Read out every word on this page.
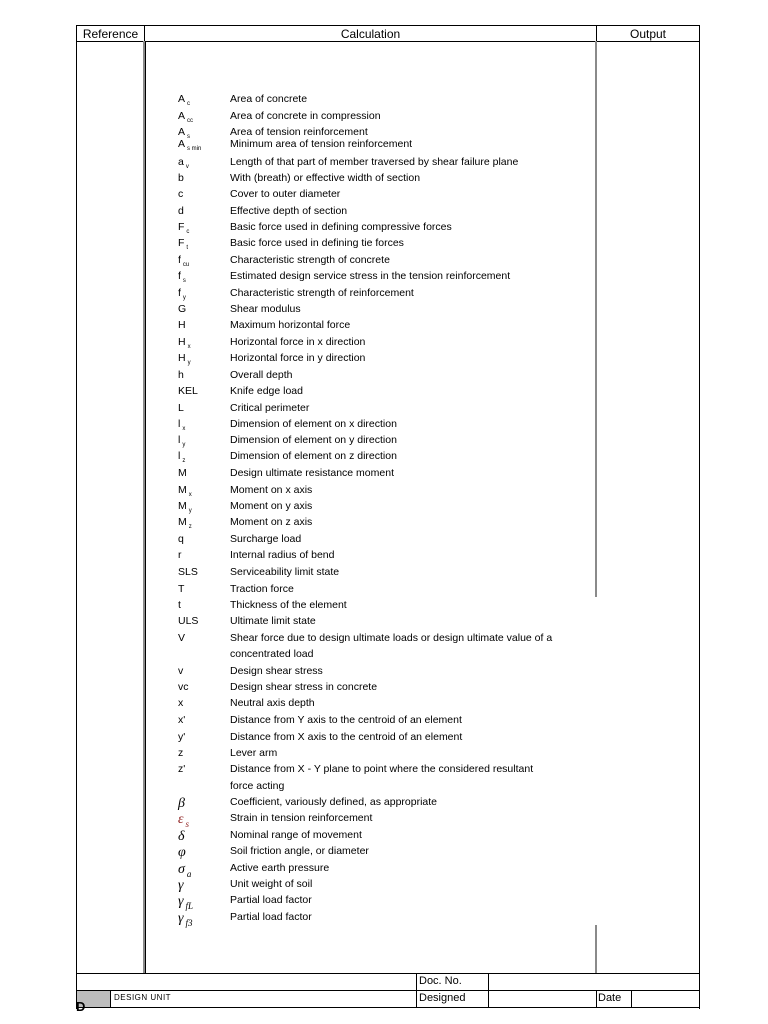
Reference	Calculation	Output
A $_c$	Area of concrete
A $_{cc}$	Area of concrete in compression
A $_s$	Area of tension reinforcement
A $_{s min}$	Minimum area of tension reinforcement
a $_v$	Length of that part of member traversed by shear failure plane
b	With (breath) or effective width of section
c	Cover to outer diameter
d	Effective depth of section
F $_c$	Basic force used in defining compressive forces
F $_t$	Basic force used in defining tie forces
f $_{cu}$	Characteristic strength of concrete
f $_s$	Estimated design service stress in the tension reinforcement
f $_y$	Characteristic strength of reinforcement
G	Shear modulus
H	Maximum horizontal force
H $_x$	Horizontal force in x direction
H $_y$	Horizontal force in y direction
h	Overall depth
KEL	Knife edge load
L	Critical perimeter
l $_x$	Dimension of element on x direction
l $_y$	Dimension of element on y direction
l $_z$	Dimension of element on z direction
M	Design ultimate resistance moment
M $_x$	Moment on x axis
M $_y$	Moment on y axis
M $_z$	Moment on z axis
q	Surcharge load
r	Internal radius of bend
SLS	Serviceability limit state
T	Traction force
t	Thickness of the element
ULS	Ultimate limit state
V	Shear force due to design ultimate loads or design ultimate value of a
concentrated load
v	Design shear stress
vc	Design shear stress in concrete
x	Neutral axis depth
x'	Distance from Y axis to the centroid of an element
y'	Distance from X axis to the centroid of an element
z	Lever arm
z'	Distance from X - Y plane to point where the considered resultant
force acting
β	Coefficient, variously defined, as appropriate
ε $_s$	Strain in tension reinforcement
δ	Nominal range of movement
φ	Soil friction angle, or diameter
σ $_a$	Active earth pressure
γ	Unit weight of soil
γ $_{fL}$	Partial load factor
γ $_{f3}$	Partial load factor
D
DESIGN UNIT
Doc. No.
Designed	Date
